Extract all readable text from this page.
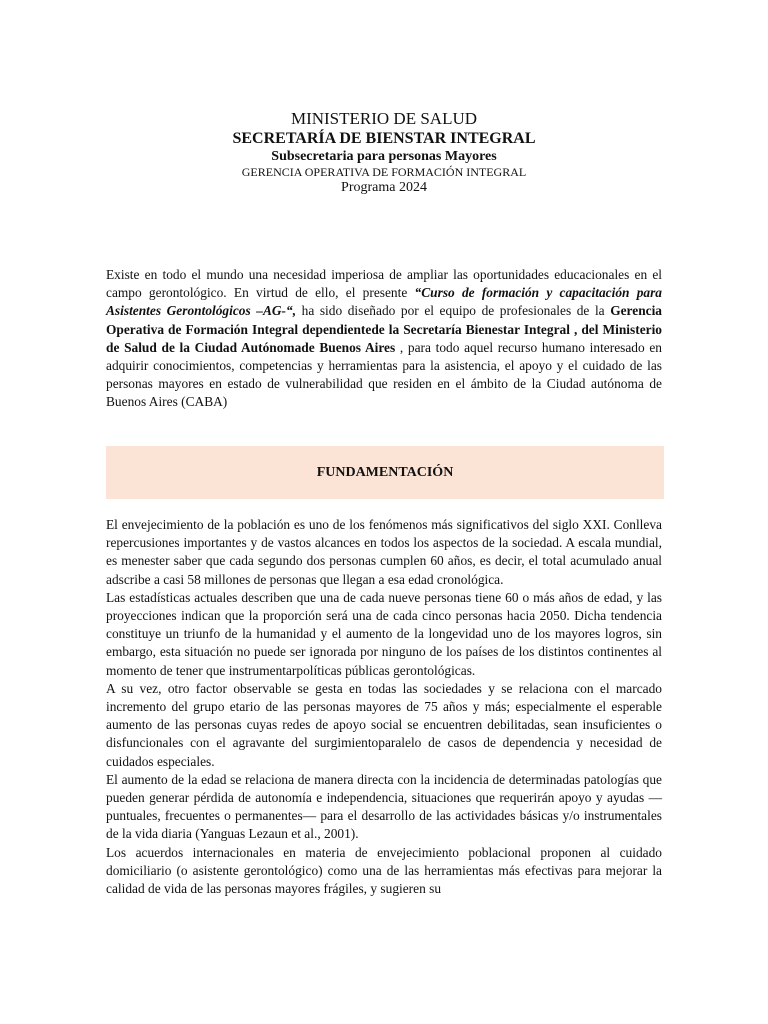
MINISTERIO DE SALUD
SECRETARÍA DE BIENSTAR INTEGRAL
Subsecretaria para personas Mayores
GERENCIA OPERATIVA DE FORMACIÓN INTEGRAL
Programa 2024

Existe en todo el mundo una necesidad imperiosa de ampliar las oportunidades educacionales en el campo gerontológico. En virtud de ello, el presente “Curso de formación y capacitación para Asistentes Gerontológicos –AG-“, ha sido diseñado por el equipo de profesionales de la Gerencia Operativa de Formación Integral dependientede la Secretaría Bienestar Integral , del Ministerio de Salud de la Ciudad Autónomade Buenos Aires , para todo aquel recurso humano interesado en adquirir conocimientos, competencias y herramientas para la asistencia, el apoyo y el cuidado de las personas mayores en estado de vulnerabilidad que residen en el ámbito de la Ciudad autónoma de Buenos Aires (CABA)

FUNDAMENTACIÓN

El envejecimiento de la población es uno de los fenómenos más significativos del siglo XXI. Conlleva repercusiones importantes y de vastos alcances en todos los aspectos de la sociedad. A escala mundial, es menester saber que cada segundo dos personas cumplen 60 años, es decir, el total acumulado anual adscribe a casi 58 millones de personas que llegan a esa edad cronológica.

Las estadísticas actuales describen que una de cada nueve personas tiene 60 o más años de edad, y las proyecciones indican que la proporción será una de cada cinco personas hacia 2050. Dicha tendencia constituye un triunfo de la humanidad y el aumento de la longevidad uno de los mayores logros, sin embargo, esta situación no puede ser ignorada por ninguno de los países de los distintos continentes al momento de tener que instrumentarpolíticas públicas gerontológicas.

A su vez, otro factor observable se gesta en todas las sociedades y se relaciona con el marcado incremento del grupo etario de las personas mayores de 75 años y más; especialmente el esperable aumento de las personas cuyas redes de apoyo social se encuentren debilitadas, sean insuficientes o disfuncionales con el agravante del surgimientoparalelo de casos de dependencia y necesidad de cuidados especiales.

El aumento de la edad se relaciona de manera directa con la incidencia de determinadas patologías que pueden generar pérdida de autonomía e independencia, situaciones que requerirán apoyo y ayudas —puntuales, frecuentes o permanentes— para el desarrollo de las actividades básicas y/o instrumentales de la vida diaria (Yanguas Lezaun et al., 2001).

Los acuerdos internacionales en materia de envejecimiento poblacional proponen al cuidado domiciliario (o asistente gerontológico) como una de las herramientas más efectivas para mejorar la calidad de vida de las personas mayores frágiles, y sugieren su
